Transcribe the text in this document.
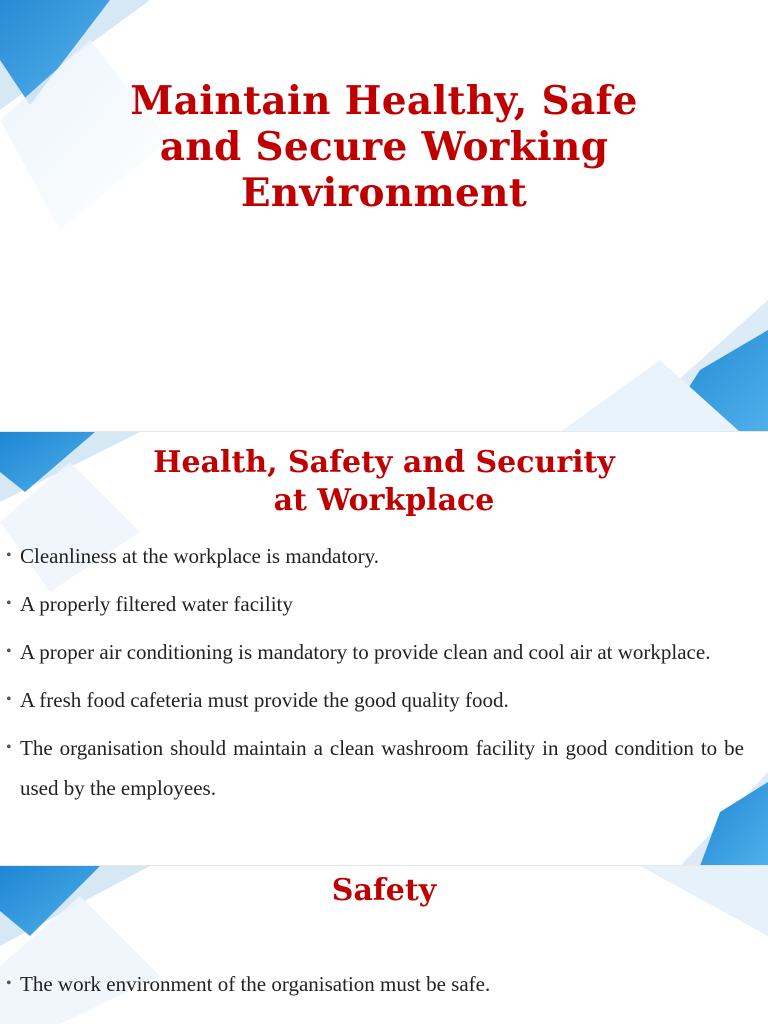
Maintain Healthy, Safe
and Secure Working
Environment
Health, Safety and Security
at Workplace
• Cleanliness at the workplace is mandatory.
• A properly filtered water facility
• A proper air conditioning is mandatory to provide clean and cool air at workplace.
• A fresh food cafeteria must provide the good quality food.
• The organisation should maintain a clean washroom facility in good condition to be used by the employees.
Safety
• The work environment of the organisation must be safe.
